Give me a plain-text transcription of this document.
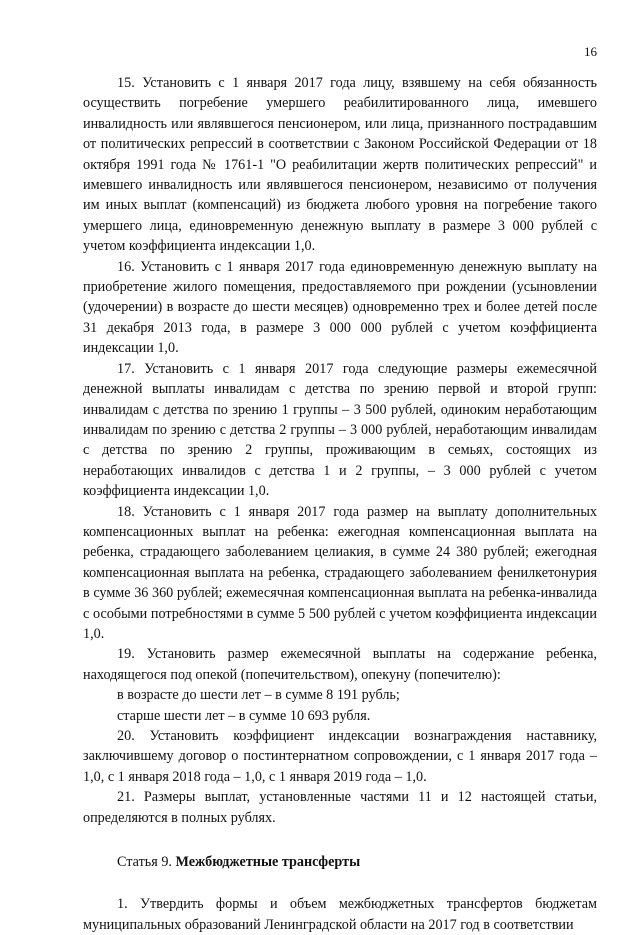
16

15. Установить с 1 января 2017 года лицу, взявшему на себя обязанность осуществить погребение умершего реабилитированного лица, имевшего инвалидность или являвшегося пенсионером, или лица, признанного пострадавшим от политических репрессий в соответствии с Законом Российской Федерации от 18 октября 1991 года № 1761-1 "О реабилитации жертв политических репрессий" и имевшего инвалидность или являвшегося пенсионером, независимо от получения им иных выплат (компенсаций) из бюджета любого уровня на погребение такого умершего лица, единовременную денежную выплату в размере 3 000 рублей с учетом коэффициента индексации 1,0.

16. Установить с 1 января 2017 года единовременную денежную выплату на приобретение жилого помещения, предоставляемого при рождении (усыновлении (удочерении) в возрасте до шести месяцев) одновременно трех и более детей после 31 декабря 2013 года, в размере 3 000 000 рублей с учетом коэффициента индексации 1,0.

17. Установить с 1 января 2017 года следующие размеры ежемесячной денежной выплаты инвалидам с детства по зрению первой и второй групп: инвалидам с детства по зрению 1 группы – 3 500 рублей, одиноким неработающим инвалидам по зрению с детства 2 группы – 3 000 рублей, неработающим инвалидам с детства по зрению 2 группы, проживающим в семьях, состоящих из неработающих инвалидов с детства 1 и 2 группы, – 3 000 рублей с учетом коэффициента индексации 1,0.

18. Установить с 1 января 2017 года размер на выплату дополнительных компенсационных выплат на ребенка: ежегодная компенсационная выплата на ребенка, страдающего заболеванием целиакия, в сумме 24 380 рублей; ежегодная компенсационная выплата на ребенка, страдающего заболеванием фенилкетонурия в сумме 36 360 рублей; ежемесячная компенсационная выплата на ребенка-инвалида с особыми потребностями в сумме 5 500 рублей с учетом коэффициента индексации 1,0.

19. Установить размер ежемесячной выплаты на содержание ребенка, находящегося под опекой (попечительством), опекуну (попечителю):

в возрасте до шести лет – в сумме 8 191 рубль;

старше шести лет – в сумме 10 693 рубля.

20. Установить коэффициент индексации вознаграждения наставнику, заключившему договор о постинтернатном сопровождении, с 1 января 2017 года – 1,0, с 1 января 2018 года – 1,0, с 1 января 2019 года – 1,0.

21. Размеры выплат, установленные частями 11 и 12 настоящей статьи, определяются в полных рублях.

Статья 9. Межбюджетные трансферты

1. Утвердить формы и объем межбюджетных трансфертов бюджетам муниципальных образований Ленинградской области на 2017 год в соответствии
